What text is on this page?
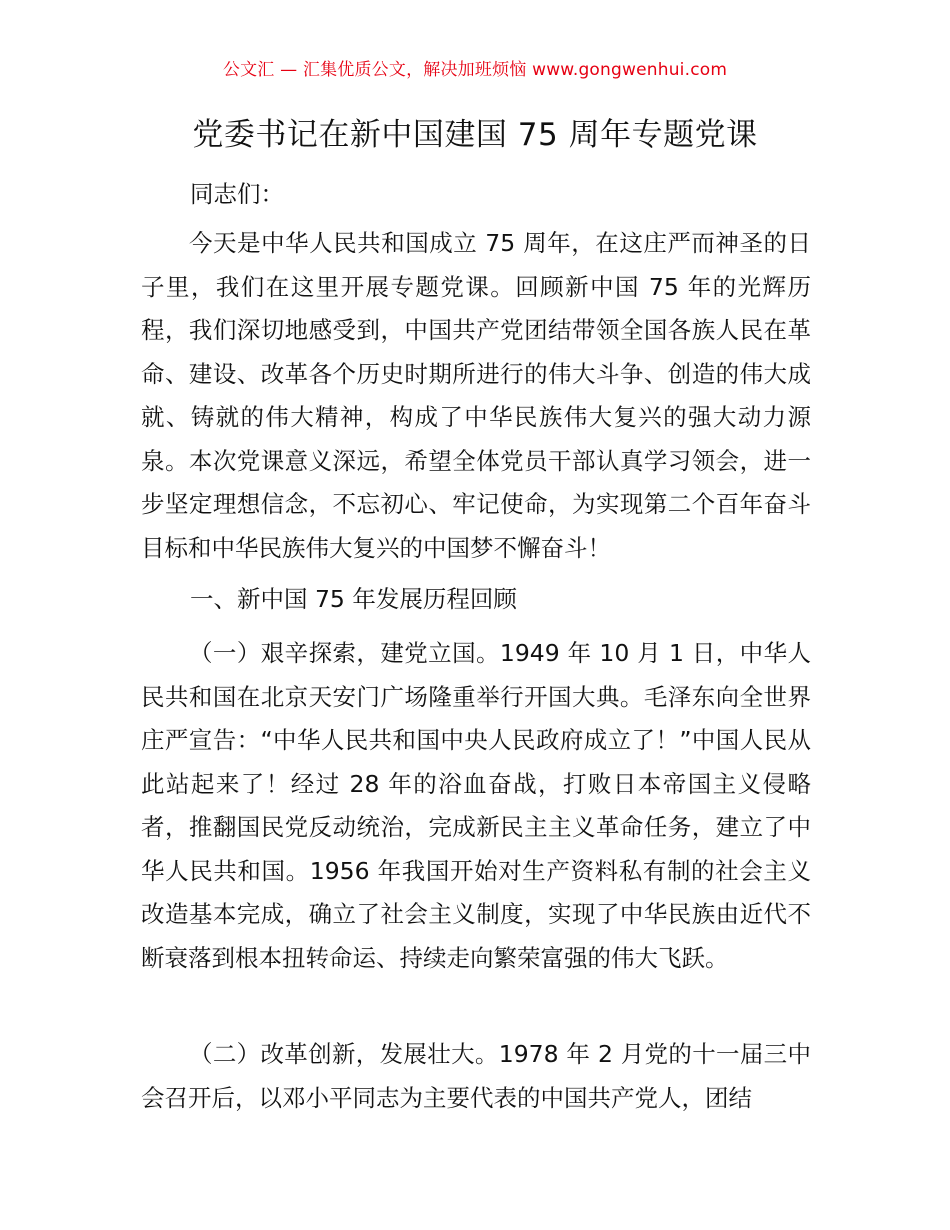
公文汇 — 汇集优质公文，解决加班烦恼 www.gongwenhui.com
党委书记在新中国建国 75 周年专题党课

同志们：

今天是中华人民共和国成立 75 周年，在这庄严而神圣的日子里，我们在这里开展专题党课。回顾新中国 75 年的光辉历程，我们深切地感受到，中国共产党团结带领全国各族人民在革命、建设、改革各个历史时期所进行的伟大斗争、创造的伟大成就、铸就的伟大精神，构成了中华民族伟大复兴的强大动力源泉。本次党课意义深远，希望全体党员干部认真学习领会，进一步坚定理想信念，不忘初心、牢记使命，为实现第二个百年奋斗目标和中华民族伟大复兴的中国梦不懈奋斗！

一、新中国 75 年发展历程回顾

（一）艰辛探索，建党立国。1949 年 10 月 1 日，中华人民共和国在北京天安门广场隆重举行开国大典。毛泽东向全世界庄严宣告：“中华人民共和国中央人民政府成立了！”中国人民从此站起来了！经过 28 年的浴血奋战，打败日本帝国主义侵略者，推翻国民党反动统治，完成新民主主义革命任务，建立了中华人民共和国。1956 年我国开始对生产资料私有制的社会主义改造基本完成，确立了社会主义制度，实现了中华民族由近代不断衰落到根本扭转命运、持续走向繁荣富强的伟大飞跃。

（二）改革创新，发展壮大。1978 年 2 月党的十一届三中会召开后，以邓小平同志为主要代表的中国共产党人，团结
